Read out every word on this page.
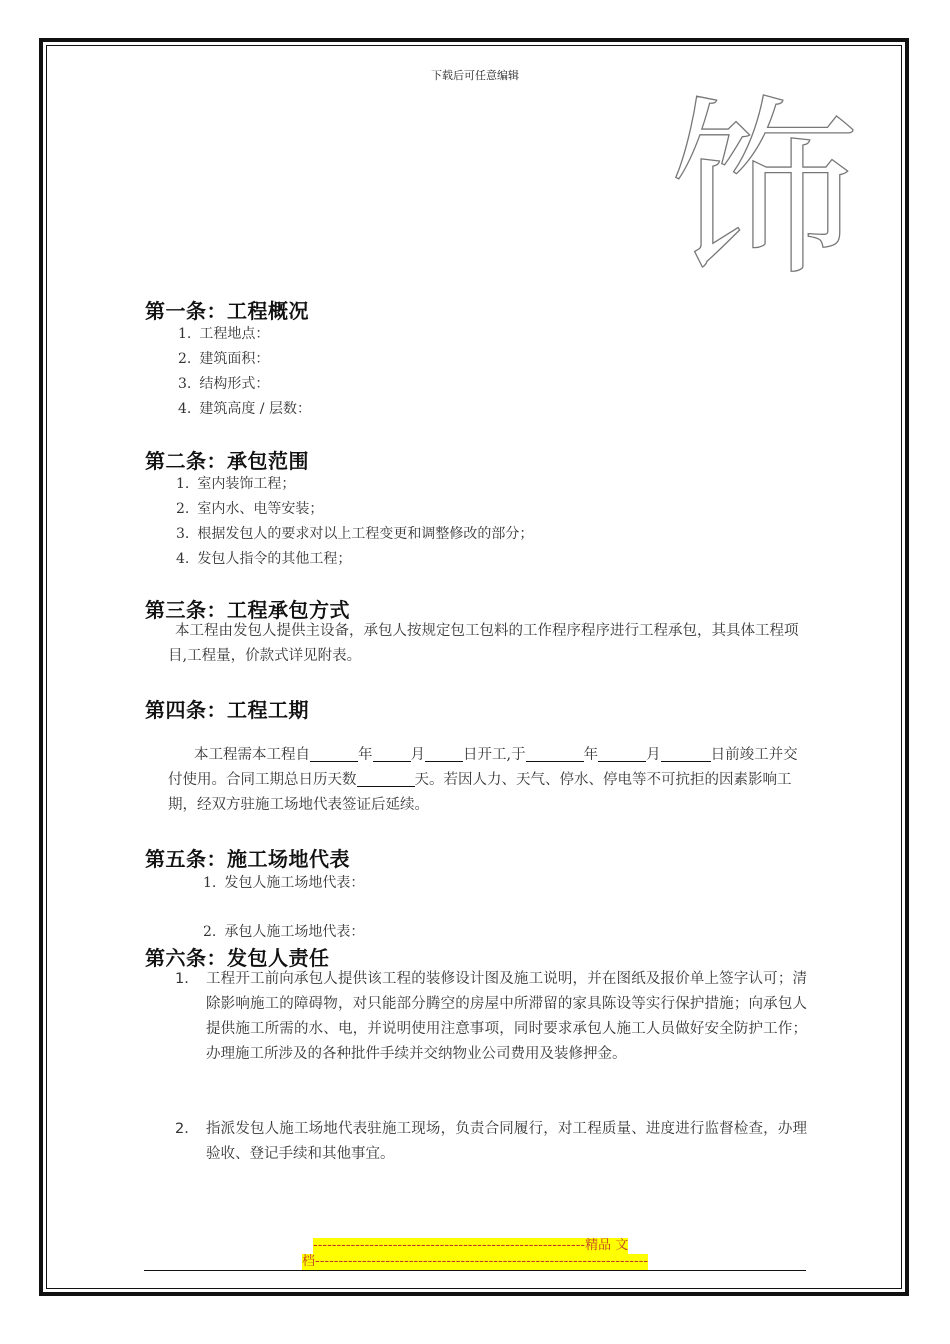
下载后可任意编辑
饰
第一条：工程概况
1. 工程地点：
2. 建筑面积：
3. 结构形式：
4. 建筑高度 / 层数：
第二条：承包范围
1. 室内装饰工程；
2. 室内水、电等安装；
3. 根据发包人的要求对以上工程变更和调整修改的部分；
4. 发包人指令的其他工程；
第三条：工程承包方式
本工程由发包人提供主设备，承包人按规定包工包料的工作程序程序进行工程承包，其具体工程项目,工程量，价款式详见附表。
第四条：工程工期
本工程需本工程自	年	月	日开工,于	年	月	日前竣工并交付使用。合同工期总日历天数	天。若因人力、天气、停水、停电等不可抗拒的因素影响工期，经双方驻施工场地代表签证后延续。
第五条：施工场地代表
1. 发包人施工场地代表：
2. 承包人施工场地代表：
第六条：发包人责任
1. 工程开工前向承包人提供该工程的装修设计图及施工说明，并在图纸及报价单上签字认可；清除影响施工的障碍物，对只能部分腾空的房屋中所滞留的家具陈设等实行保护措施；向承包人提供施工所需的水、电，并说明使用注意事项，同时要求承包人施工人员做好安全防护工作；办理施工所涉及的各种批件手续并交纳物业公司费用及装修押金。
2. 指派发包人施工场地代表驻施工现场，负责合同履行，对工程质量、进度进行监督检查，办理验收、登记手续和其他事宜。
----------------------------------------------------------精品 文
档-----------------------------------------------------------------------
